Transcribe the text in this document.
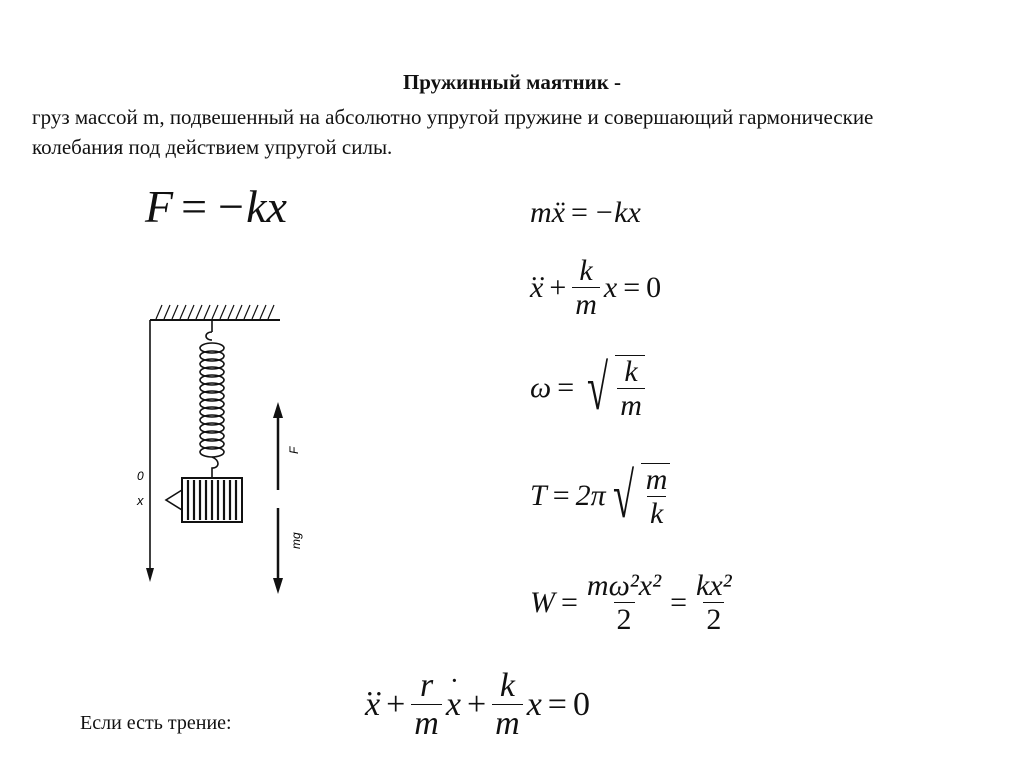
Пружинный маятник -
груз массой m, подвешенный на абсолютно упругой пружине и совершающий гармонические колебания под действием упругой силы.
F = −kx	mẍ = −kx
‥ $x + \frac{k}{m}$ x = 0
ω = √ $\frac{k}{m}$
T = 2π √ $\frac{m}{k}$
$W = \frac{\text{mω²x²}}{2} = \frac{\text{kx²}}{2}$
Если есть трение:	‥ $x + \frac{r}{m}$ ˙ $x + \frac{k}{m}$ x = 0
0
x
F
mg
